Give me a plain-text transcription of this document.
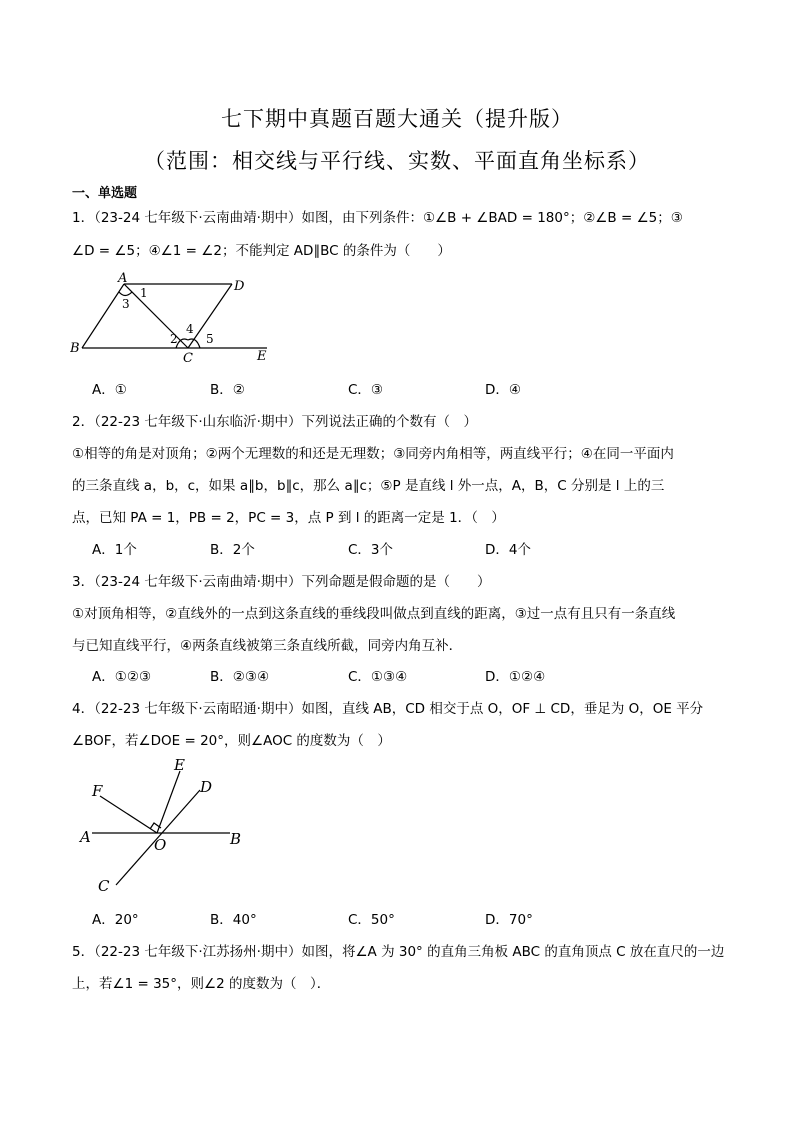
七下期中真题百题大通关（提升版）
（范围：相交线与平行线、实数、平面直角坐标系）
一、单选题
1．（23-24 七年级下·云南曲靖·期中）如图，由下列条件：①∠B + ∠BAD = 180°；②∠B = ∠5；③
∠D = ∠5；④∠1 = ∠2；不能判定 AD∥BC 的条件为（　　）
A
D
B
C	E
1
3
2
4
5
A．①	B．②	C．③	D．④
2．（22-23 七年级下·山东临沂·期中）下列说法正确的个数有（　）
①相等的角是对顶角；②两个无理数的和还是无理数；③同旁内角相等，两直线平行；④在同一平面内
的三条直线 a，b，c，如果 a∥b，b∥c，那么 a∥c；⑤P 是直线 l 外一点，A，B，C 分别是 l 上的三
点，已知 PA = 1，PB = 2，PC = 3，点 P 到 l 的距离一定是 1．（　）
A．1个	B．2个	C．3个	D．4个
3．（23-24 七年级下·云南曲靖·期中）下列命题是假命题的是（　　）
①对顶角相等，②直线外的一点到这条直线的垂线段叫做点到直线的距离，③过一点有且只有一条直线
与已知直线平行，④两条直线被第三条直线所截，同旁内角互补．
A．①②③	B．②③④	C．①③④	D．①②④
4．（22-23 七年级下·云南昭通·期中）如图，直线 AB，CD 相交于点 O，OF ⊥ CD，垂足为 O，OE 平分
∠BOF，若∠DOE = 20°，则∠AOC 的度数为（　）
A	B
C
D
E
F
O
A．20°	B．40°	C．50°	D．70°
5．（22-23 七年级下·江苏扬州·期中）如图，将∠A 为 30° 的直角三角板 ABC 的直角顶点 C 放在直尺的一边
上，若∠1 = 35°，则∠2 的度数为（　）．
